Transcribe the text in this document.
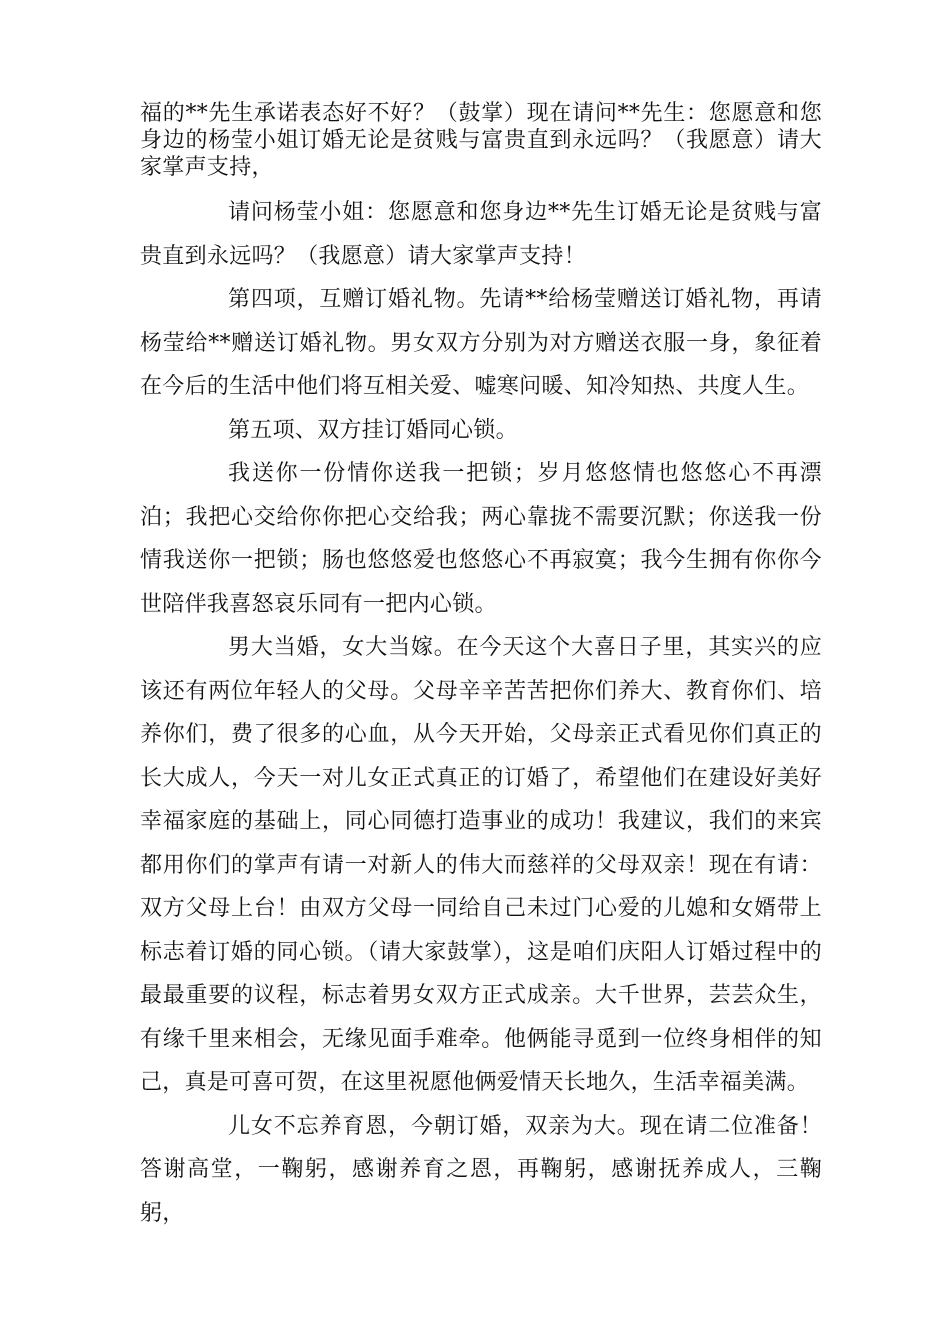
福的**先生承诺表态好不好？（鼓掌）现在请问**先生：您愿意和您身边的杨莹小姐订婚无论是贫贱与富贵直到永远吗？（我愿意）请大家掌声支持，

请问杨莹小姐：您愿意和您身边**先生订婚无论是贫贱与富贵直到永远吗？（我愿意）请大家掌声支持！

第四项，互赠订婚礼物。先请**给杨莹赠送订婚礼物，再请杨莹给**赠送订婚礼物。男女双方分别为对方赠送衣服一身，象征着在今后的生活中他们将互相关爱、嘘寒问暖、知冷知热、共度人生。

第五项、双方挂订婚同心锁。

我送你一份情你送我一把锁；岁月悠悠情也悠悠心不再漂泊；我把心交给你你把心交给我；两心靠拢不需要沉默；你送我一份情我送你一把锁；肠也悠悠爱也悠悠心不再寂寞；我今生拥有你你今世陪伴我喜怒哀乐同有一把内心锁。

男大当婚，女大当嫁。在今天这个大喜日子里，其实兴的应该还有两位年轻人的父母。父母辛辛苦苦把你们养大、教育你们、培养你们，费了很多的心血，从今天开始，父母亲正式看见你们真正的长大成人，今天一对儿女正式真正的订婚了，希望他们在建设好美好幸福家庭的基础上，同心同德打造事业的成功！我建议，我们的来宾都用你们的掌声有请一对新人的伟大而慈祥的父母双亲！现在有请：双方父母上台！由双方父母一同给自己未过门心爱的儿媳和女婿带上标志着订婚的同心锁。（请大家鼓掌），这是咱们庆阳人订婚过程中的最最重要的议程，标志着男女双方正式成亲。大千世界，芸芸众生，有缘千里来相会，无缘见面手难牵。他俩能寻觅到一位终身相伴的知己，真是可喜可贺，在这里祝愿他俩爱情天长地久，生活幸福美满。

儿女不忘养育恩，今朝订婚，双亲为大。现在请二位准备！答谢高堂，一鞠躬，感谢养育之恩，再鞠躬，感谢抚养成人，三鞠躬，
